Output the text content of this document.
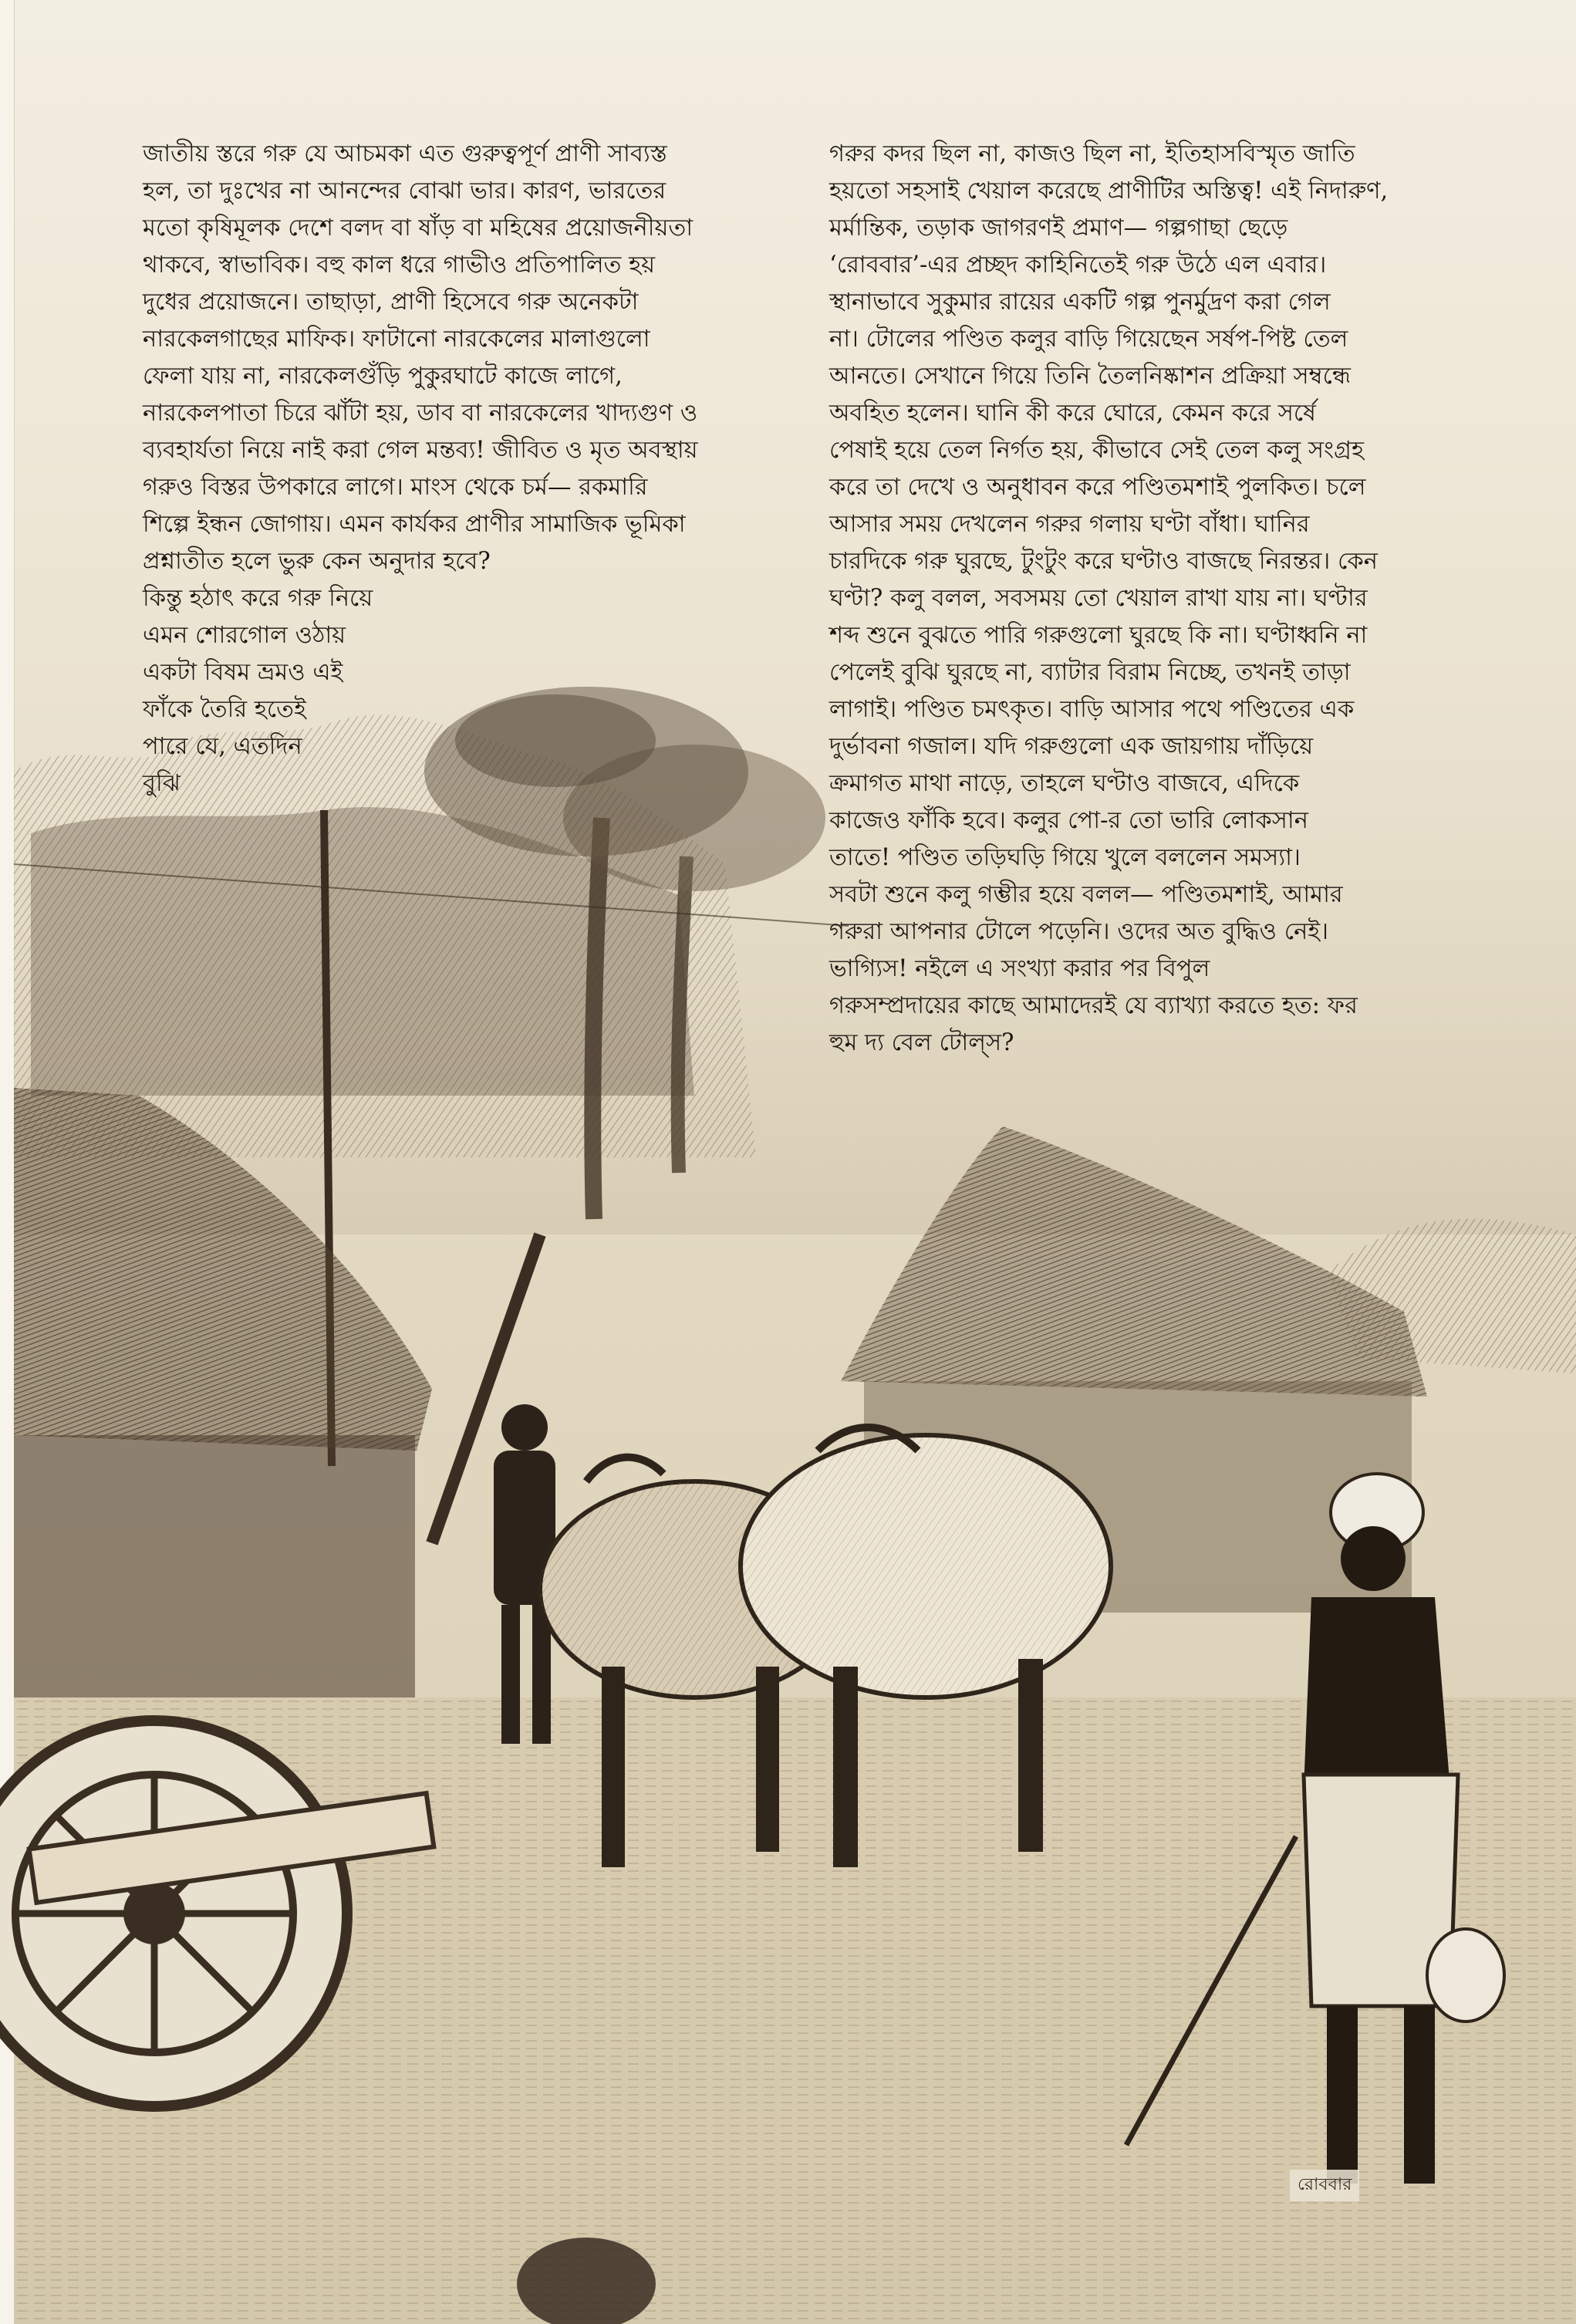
জাতীয় স্তরে গরু যে আচমকা এত গুরুত্বপূর্ণ প্রাণী সাব্যস্ত
হল, তা দুঃখের না আনন্দের বোঝা ভার। কারণ, ভারতের
মতো কৃষিমূলক দেশে বলদ বা ষাঁড় বা মহিষের প্রয়োজনীয়তা
থাকবে, স্বাভাবিক। বহু কাল ধরে গাভীও প্রতিপালিত হয়
দুধের প্রয়োজনে। তাছাড়া, প্রাণী হিসেবে গরু অনেকটা
নারকেলগাছের মাফিক। ফাটানো নারকেলের মালাগুলো
ফেলা যায় না, নারকেলগুঁড়ি পুকুরঘাটে কাজে লাগে,
নারকেলপাতা চিরে ঝাঁটা হয়, ডাব বা নারকেলের খাদ্যগুণ ও
ব্যবহার্যতা নিয়ে নাই করা গেল মন্তব্য! জীবিত ও মৃত অবস্থায়
গরুও বিস্তর উপকারে লাগে। মাংস থেকে চর্ম— রকমারি
শিল্পে ইন্ধন জোগায়। এমন কার্যকর প্রাণীর সামাজিক ভূমিকা
প্রশ্নাতীত হলে ভুরু কেন অনুদার হবে?

কিন্তু হঠাৎ করে গরু নিয়ে
এমন শোরগোল ওঠায়
একটা বিষম ভ্রমও এই
ফাঁকে তৈরি হতেই
পারে যে, এতদিন
বুঝি

গরুর কদর ছিল না, কাজও ছিল না, ইতিহাসবিস্মৃত জাতি
হয়তো সহসাই খেয়াল করেছে প্রাণীটির অস্তিত্ব! এই নিদারুণ,
মর্মান্তিক, তড়াক জাগরণই প্রমাণ— গল্পগাছা ছেড়ে
‘রোববার’-এর প্রচ্ছদ কাহিনিতেই গরু উঠে এল এবার।

স্থানাভাবে সুকুমার রায়ের একটি গল্প পুনর্মুদ্রণ করা গেল
না। টোলের পণ্ডিত কলুর বাড়ি গিয়েছেন সর্ষপ-পিষ্ট তেল
আনতে। সেখানে গিয়ে তিনি তৈলনিষ্কাশন প্রক্রিয়া সম্বন্ধে
অবহিত হলেন। ঘানি কী করে ঘোরে, কেমন করে সর্ষে
পেষাই হয়ে তেল নির্গত হয়, কীভাবে সেই তেল কলু সংগ্রহ
করে তা দেখে ও অনুধাবন করে পণ্ডিতমশাই পুলকিত। চলে
আসার সময় দেখলেন গরুর গলায় ঘণ্টা বাঁধা। ঘানির
চারদিকে গরু ঘুরছে, টুংটুং করে ঘণ্টাও বাজছে নিরন্তর। কেন
ঘণ্টা? কলু বলল, সবসময় তো খেয়াল রাখা যায় না। ঘণ্টার
শব্দ শুনে বুঝতে পারি গরুগুলো ঘুরছে কি না। ঘণ্টাধ্বনি না
পেলেই বুঝি ঘুরছে না, ব্যাটার বিরাম নিচ্ছে, তখনই তাড়া
লাগাই। পণ্ডিত চমৎকৃত। বাড়ি আসার পথে পণ্ডিতের এক
দুর্ভাবনা গজাল। যদি গরুগুলো এক জায়গায় দাঁড়িয়ে
ক্রমাগত মাথা নাড়ে, তাহলে ঘণ্টাও বাজবে, এদিকে
কাজেও ফাঁকি হবে। কলুর পো-র তো ভারি লোকসান
তাতে! পণ্ডিত তড়িঘড়ি গিয়ে খুলে বললেন সমস্যা।
সবটা শুনে কলু গম্ভীর হয়ে বলল— পণ্ডিতমশাই, আমার
গরুরা আপনার টোলে পড়েনি। ওদের অত বুদ্ধিও নেই।
ভাগ্যিস! নইলে এ সংখ্যা করার পর বিপুল
গরুসম্প্রদায়ের কাছে আমাদেরই যে ব্যাখ্যা করতে হত: ফর
হুম দ্য বেল টোল্‌স?

রোববার
